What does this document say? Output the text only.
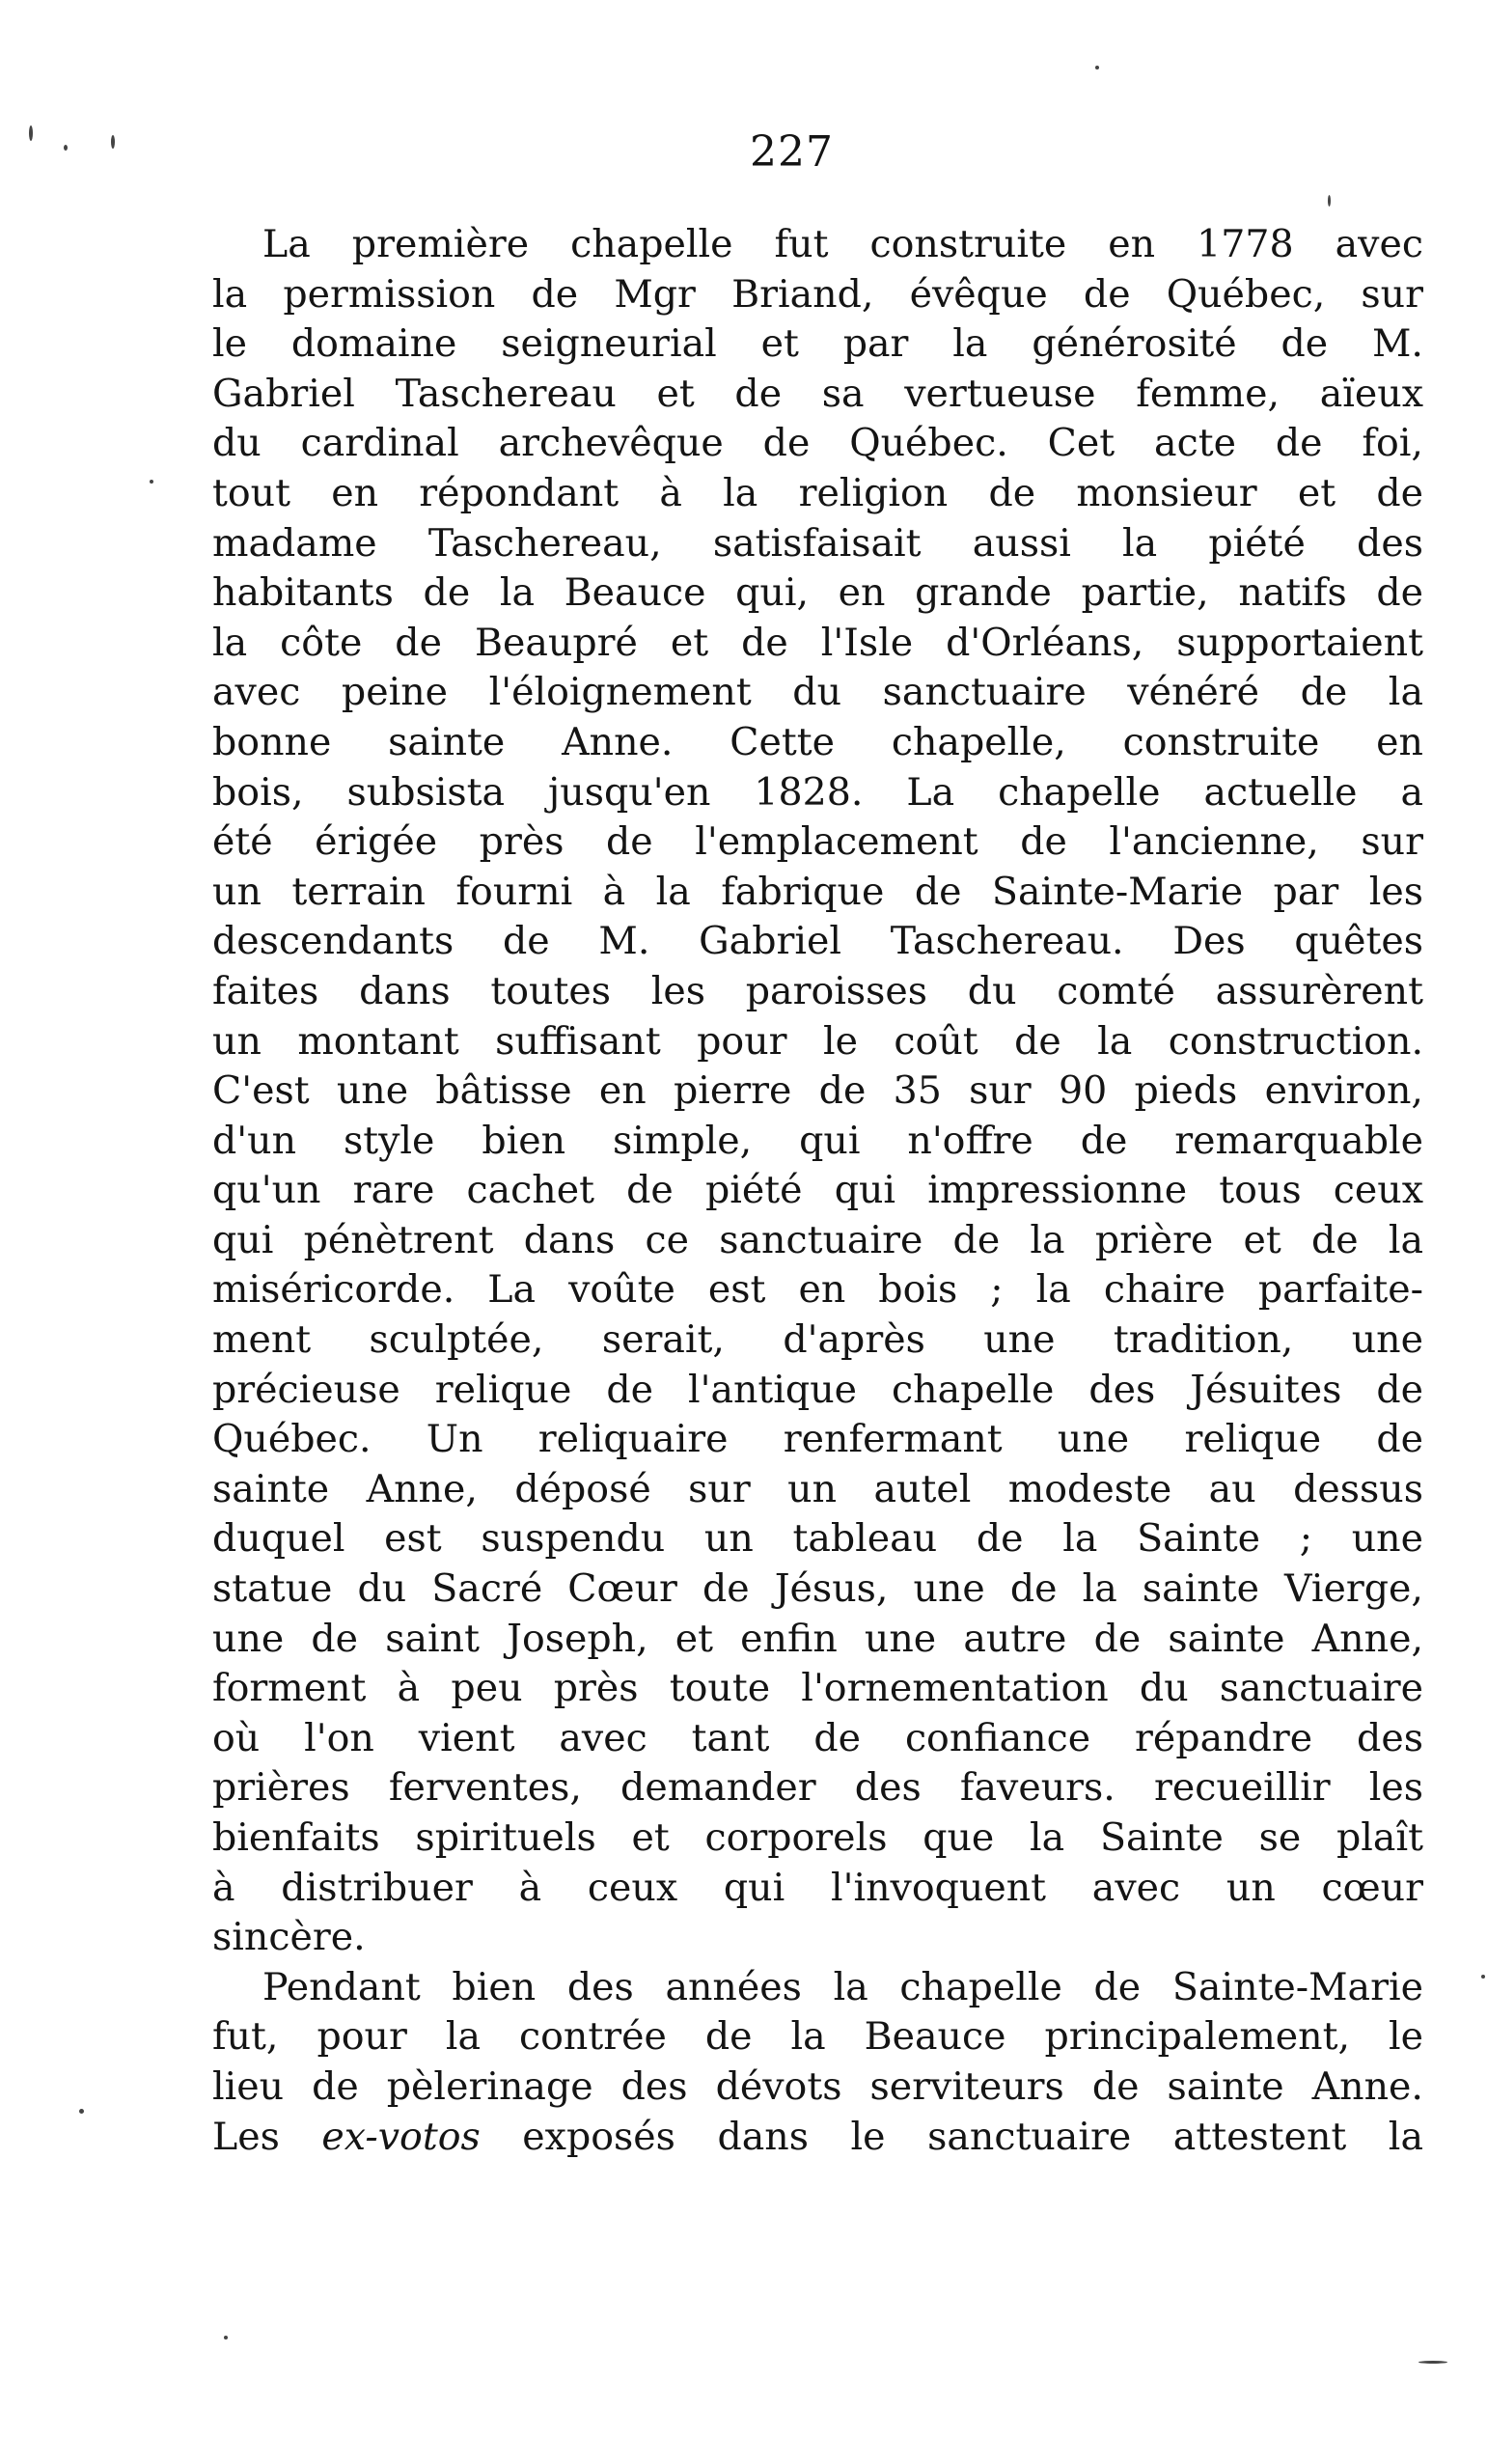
227
La première chapelle fut construite en 1778 avec
la permission de Mgr Briand, évêque de Québec, sur
le domaine seigneurial et par la générosité de M.
Gabriel Taschereau et de sa vertueuse femme, aïeux
du cardinal archevêque de Québec. Cet acte de foi,
tout en répondant à la religion de monsieur et de
madame Taschereau, satisfaisait aussi la piété des
habitants de la Beauce qui, en grande partie, natifs de
la côte de Beaupré et de l'Isle d'Orléans, supportaient
avec peine l'éloignement du sanctuaire vénéré de la
bonne sainte Anne. Cette chapelle, construite en
bois, subsista jusqu'en 1828. La chapelle actuelle a
été érigée près de l'emplacement de l'ancienne, sur
un terrain fourni à la fabrique de Sainte-Marie par les
descendants de M. Gabriel Taschereau. Des quêtes
faites dans toutes les paroisses du comté assurèrent
un montant suffisant pour le coût de la construction.
C'est une bâtisse en pierre de 35 sur 90 pieds environ,
d'un style bien simple, qui n'offre de remarquable
qu'un rare cachet de piété qui impressionne tous ceux
qui pénètrent dans ce sanctuaire de la prière et de la
miséricorde. La voûte est en bois ; la chaire parfaite-
ment sculptée, serait, d'après une tradition, une
précieuse relique de l'antique chapelle des Jésuites de
Québec. Un reliquaire renfermant une relique de
sainte Anne, déposé sur un autel modeste au dessus
duquel est suspendu un tableau de la Sainte ; une
statue du Sacré Cœur de Jésus, une de la sainte Vierge,
une de saint Joseph, et enfin une autre de sainte Anne,
forment à peu près toute l'ornementation du sanctuaire
où l'on vient avec tant de confiance répandre des
prières ferventes, demander des faveurs. recueillir les
bienfaits spirituels et corporels que la Sainte se plaît
à distribuer à ceux qui l'invoquent avec un cœur
sincère.
Pendant bien des années la chapelle de Sainte-Marie
fut, pour la contrée de la Beauce principalement, le
lieu de pèlerinage des dévots serviteurs de sainte Anne.
Les ex-votos exposés dans le sanctuaire attestent la
